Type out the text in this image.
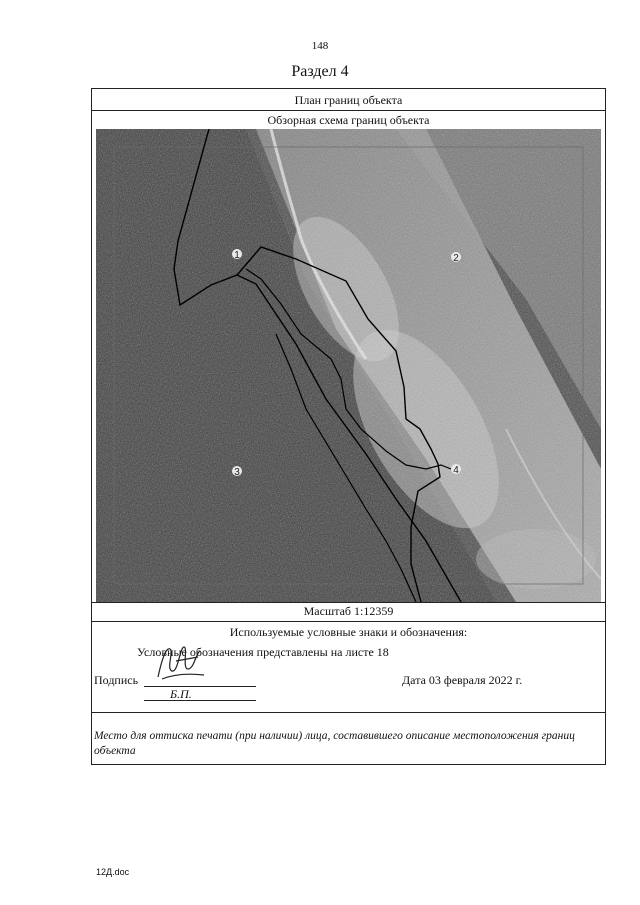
148
Раздел 4
План границ объекта
Обзорная схема границ объекта
1	2
3	4
Масштаб 1:12359
Используемые условные знаки и обозначения:
Условные обозначения представлены на листе 18
Подпись
Б.П.
Дата 03 февраля 2022 г.
Место для оттиска печати (при наличии) лица, составившего описание местоположения границ объекта
12Д.doc
